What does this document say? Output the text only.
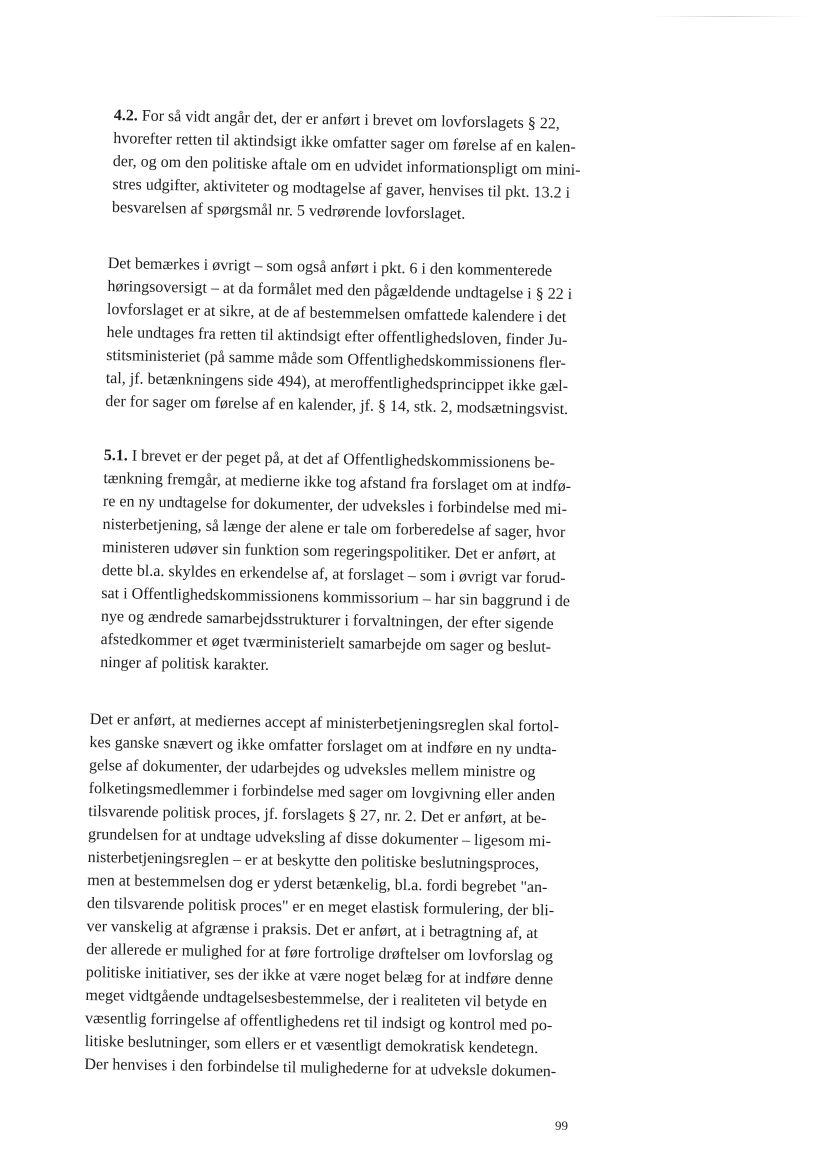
4.2. For så vidt angår det, der er anført i brevet om lovforslagets § 22,
hvorefter retten til aktindsigt ikke omfatter sager om førelse af en kalen-
der, og om den politiske aftale om en udvidet informationspligt om mini-
stres udgifter, aktiviteter og modtagelse af gaver, henvises til pkt. 13.2 i
besvarelsen af spørgsmål nr. 5 vedrørende lovforslaget.
Det bemærkes i øvrigt – som også anført i pkt. 6 i den kommenterede
høringsoversigt – at da formålet med den pågældende undtagelse i § 22 i
lovforslaget er at sikre, at de af bestemmelsen omfattede kalendere i det
hele undtages fra retten til aktindsigt efter offentlighedsloven, finder Ju-
stitsministeriet (på samme måde som Offentlighedskommissionens fler-
tal, jf. betænkningens side 494), at meroffentlighedsprincippet ikke gæl-
der for sager om førelse af en kalender, jf. § 14, stk. 2, modsætningsvist.
5.1. I brevet er der peget på, at det af Offentlighedskommissionens be-
tænkning fremgår, at medierne ikke tog afstand fra forslaget om at indfø-
re en ny undtagelse for dokumenter, der udveksles i forbindelse med mi-
nisterbetjening, så længe der alene er tale om forberedelse af sager, hvor
ministeren udøver sin funktion som regeringspolitiker. Det er anført, at
dette bl.a. skyldes en erkendelse af, at forslaget – som i øvrigt var forud-
sat i Offentlighedskommissionens kommissorium – har sin baggrund i de
nye og ændrede samarbejdsstrukturer i forvaltningen, der efter sigende
afstedkommer et øget tværministerielt samarbejde om sager og beslut-
ninger af politisk karakter.
Det er anført, at mediernes accept af ministerbetjeningsreglen skal fortol-
kes ganske snævert og ikke omfatter forslaget om at indføre en ny undta-
gelse af dokumenter, der udarbejdes og udveksles mellem ministre og
folketingsmedlemmer i forbindelse med sager om lovgivning eller anden
tilsvarende politisk proces, jf. forslagets § 27, nr. 2. Det er anført, at be-
grundelsen for at undtage udveksling af disse dokumenter – ligesom mi-
nisterbetjeningsreglen – er at beskytte den politiske beslutningsproces,
men at bestemmelsen dog er yderst betænkelig, bl.a. fordi begrebet "an-
den tilsvarende politisk proces" er en meget elastisk formulering, der bli-
ver vanskelig at afgrænse i praksis. Det er anført, at i betragtning af, at
der allerede er mulighed for at føre fortrolige drøftelser om lovforslag og
politiske initiativer, ses der ikke at være noget belæg for at indføre denne
meget vidtgående undtagelsesbestemmelse, der i realiteten vil betyde en
væsentlig forringelse af offentlighedens ret til indsigt og kontrol med po-
litiske beslutninger, som ellers er et væsentligt demokratisk kendetegn.
Der henvises i den forbindelse til mulighederne for at udveksle dokumen-
99
